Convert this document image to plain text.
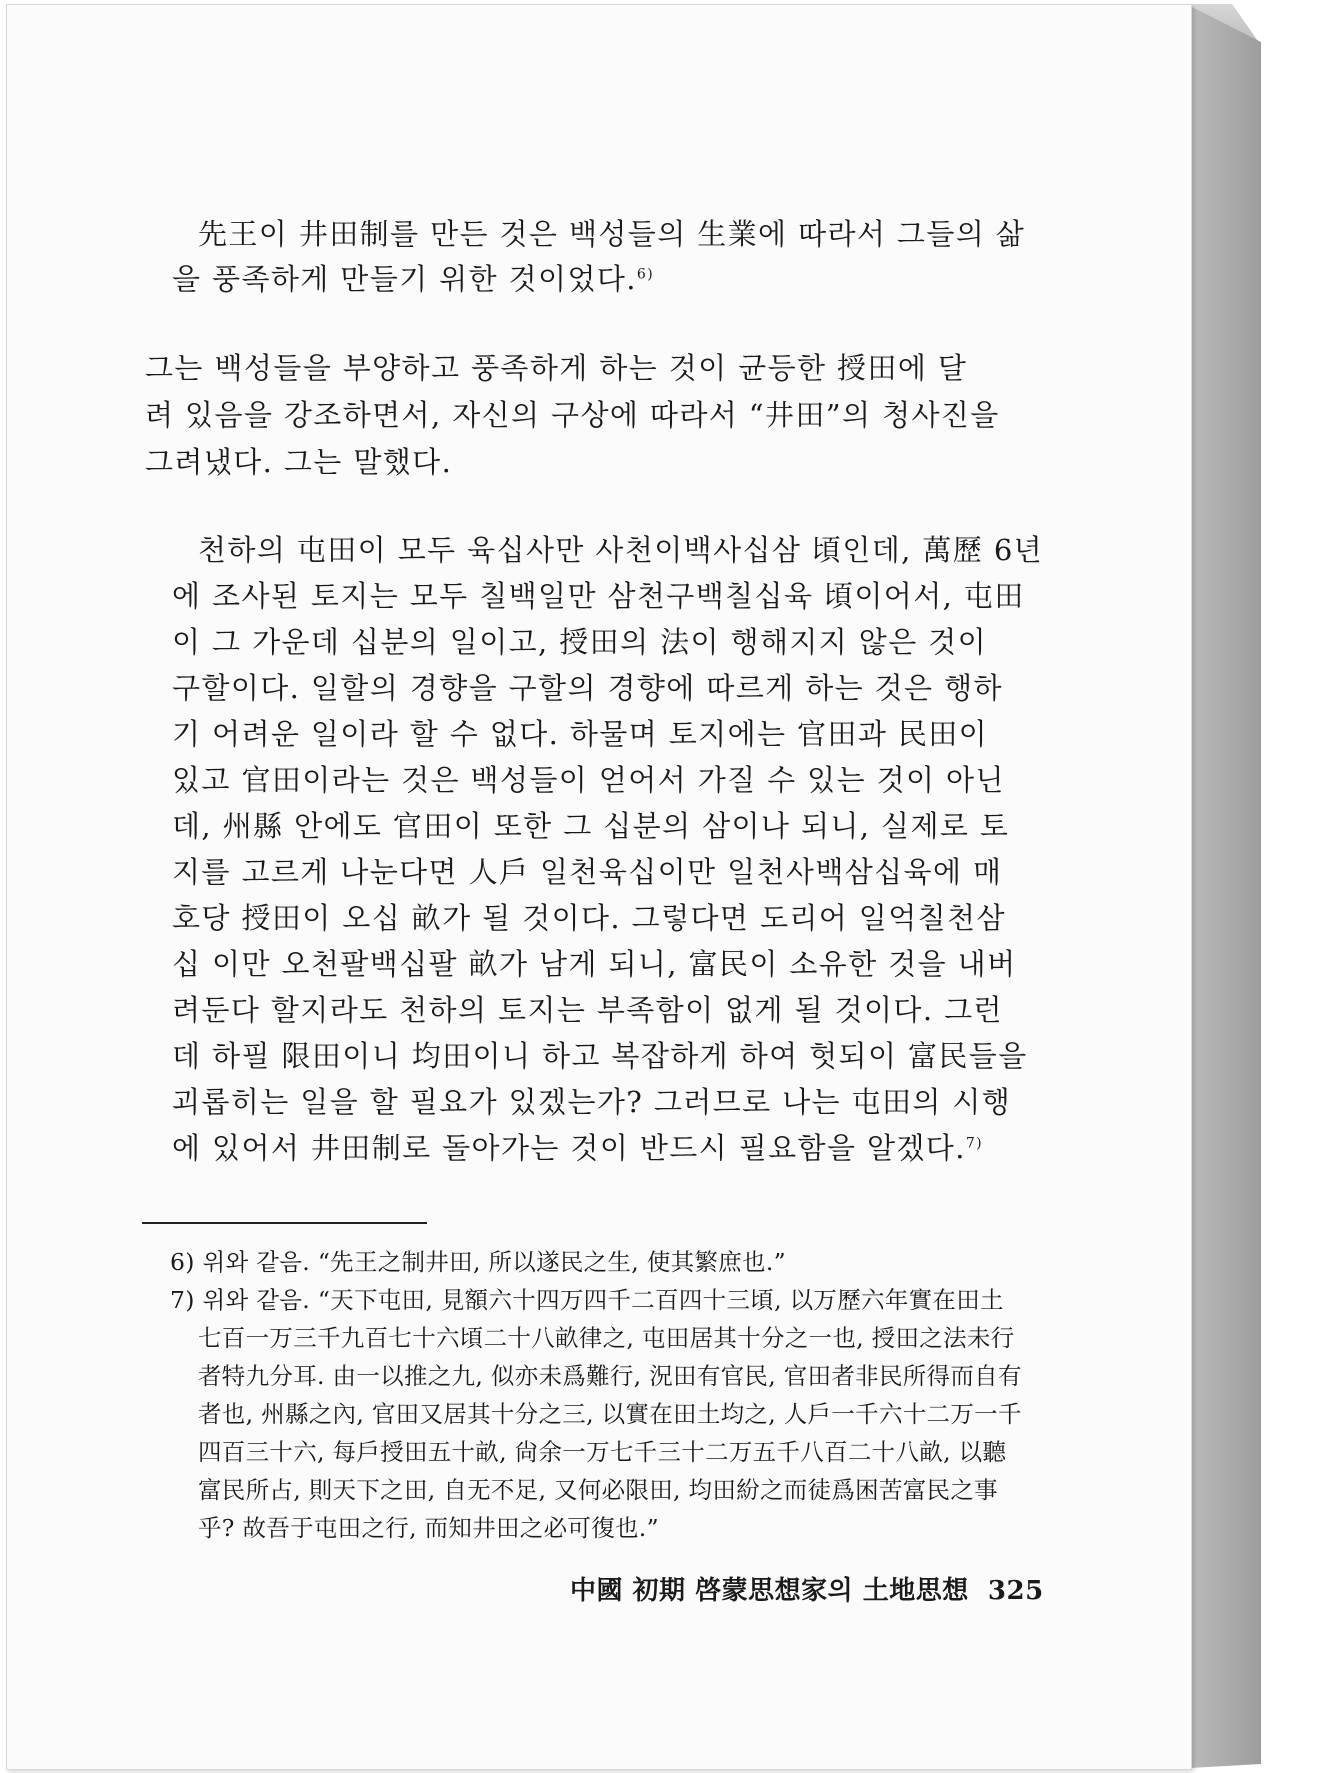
先王이 井田制를 만든 것은 백성들의 生業에 따라서 그들의 삶
을 풍족하게 만들기 위한 것이었다.$^{6)}$
그는 백성들을 부양하고 풍족하게 하는 것이 균등한 授田에 달
려 있음을 강조하면서, 자신의 구상에 따라서 “井田”의 청사진을
그려냈다. 그는 말했다.
천하의 屯田이 모두 육십사만 사천이백사십삼 頃인데, 萬歷 6년
에 조사된 토지는 모두 칠백일만 삼천구백칠십육 頃이어서, 屯田
이 그 가운데 십분의 일이고, 授田의 法이 행해지지 않은 것이
구할이다. 일할의 경향을 구할의 경향에 따르게 하는 것은 행하
기 어려운 일이라 할 수 없다. 하물며 토지에는 官田과 民田이
있고 官田이라는 것은 백성들이 얻어서 가질 수 있는 것이 아닌
데, 州縣 안에도 官田이 또한 그 십분의 삼이나 되니, 실제로 토
지를 고르게 나눈다면 人戶 일천육십이만 일천사백삼십육에 매
호당 授田이 오십 畝가 될 것이다. 그렇다면 도리어 일억칠천삼
십 이만 오천팔백십팔 畝가 남게 되니, 富民이 소유한 것을 내버
려둔다 할지라도 천하의 토지는 부족함이 없게 될 것이다. 그런
데 하필 限田이니 均田이니 하고 복잡하게 하여 헛되이 富民들을
괴롭히는 일을 할 필요가 있겠는가? 그러므로 나는 屯田의 시행
에 있어서 井田制로 돌아가는 것이 반드시 필요함을 알겠다.$^{7)}$
6) 위와 같음. “先王之制井田, 所以遂民之生, 使其繁庶也.”
7) 위와 같음. “天下屯田, 見額六十四万四千二百四十三頃, 以万歷六年實在田土
七百一万三千九百七十六頃二十八畝律之, 屯田居其十分之一也, 授田之法未行
者特九分耳. 由一以推之九, 似亦未爲難行, 況田有官民, 官田者非民所得而自有
者也, 州縣之內, 官田又居其十分之三, 以實在田土均之, 人戶一千六十二万一千
四百三十六, 每戶授田五十畝, 尙余一万七千三十二万五千八百二十八畝, 以聽
富民所占, 則天下之田, 自无不足, 又何必限田, 均田紛之而徒爲困苦富民之事
乎? 故吾于屯田之行, 而知井田之必可復也.”
中國 初期 啓蒙思想家의 土地思想 325
